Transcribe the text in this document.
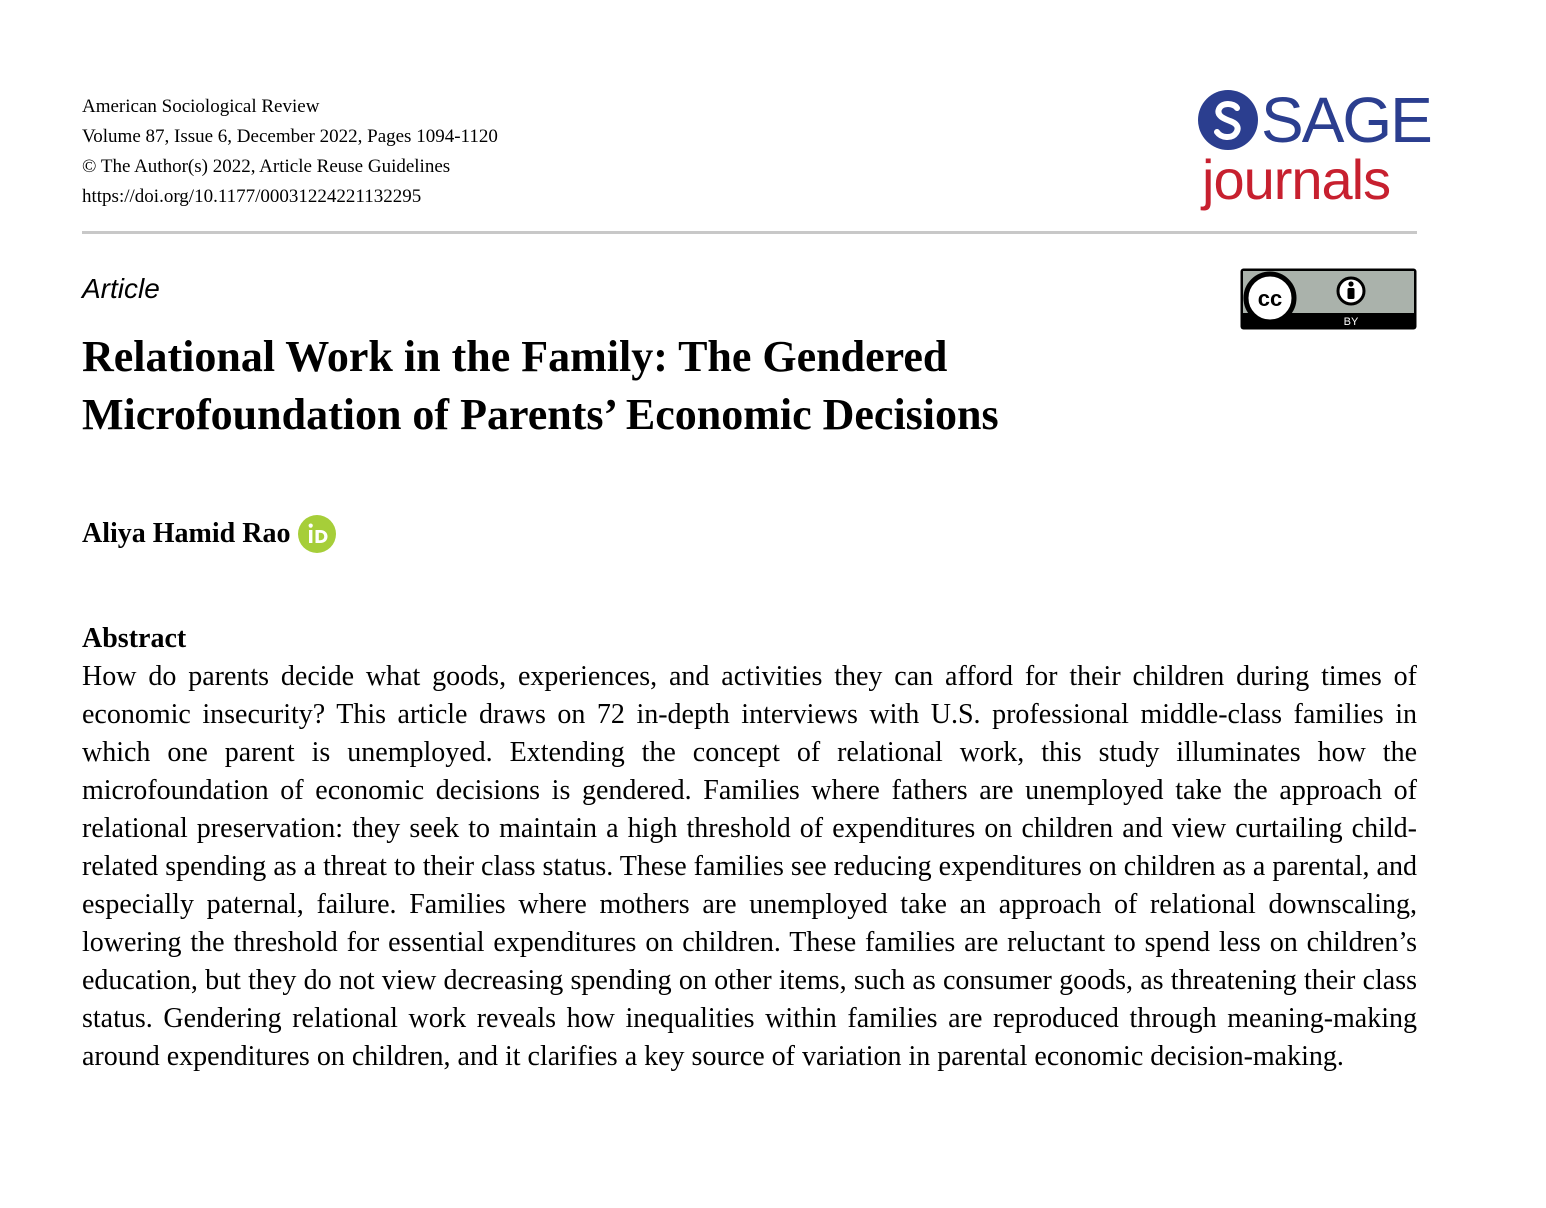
American Sociological Review
Volume 87, Issue 6, December 2022, Pages 1094-1120
© The Author(s) 2022, Article Reuse Guidelines
https://doi.org/10.1177/00031224221132295
SAGE
journals
Article	cc
BY
Relational Work in the Family: The Gendered Microfoundation of Parents’ Economic Decisions
Aliya Hamid Rao
Abstract

How do parents decide what goods, experiences, and activities they can afford for their children during times of economic insecurity? This article draws on 72 in-depth interviews with U.S. professional middle-class families in which one parent is unemployed. Extending the concept of relational work, this study illuminates how the microfoundation of economic decisions is gendered. Families where fathers are unemployed take the approach of relational preservation: they seek to maintain a high threshold of expenditures on children and view curtailing child-related spending as a threat to their class status. These families see reducing expenditures on children as a parental, and especially paternal, failure. Families where mothers are unemployed take an approach of relational downscaling, lowering the threshold for essential expenditures on children. These families are reluctant to spend less on children’s education, but they do not view decreasing spending on other items, such as consumer goods, as threatening their class status. Gendering relational work reveals how inequalities within families are reproduced through meaning-making around expenditures on children, and it clarifies a key source of variation in parental economic decision-making.
